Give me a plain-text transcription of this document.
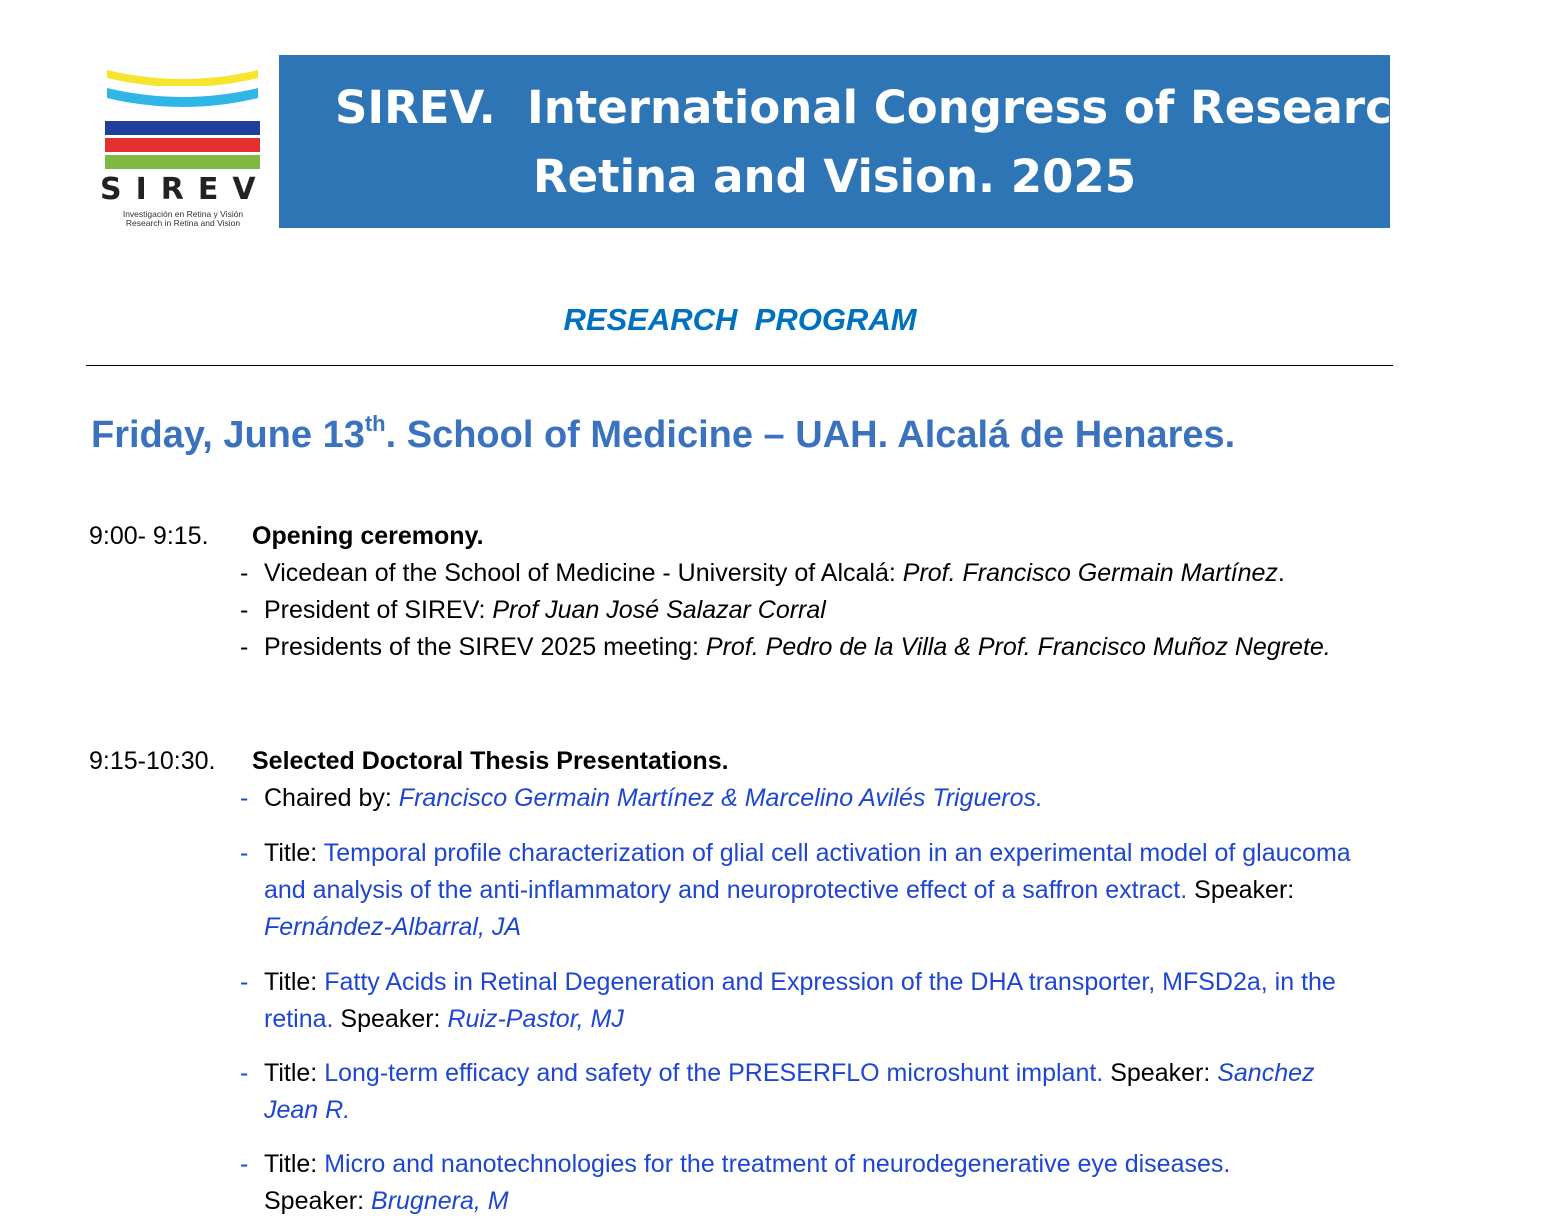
SIREV
Investigación en Retina y Visión
Research in Retina and Vision
SIREV.  International Congress of Research in
Retina and Vision. 2025
RESEARCH  PROGRAM
Friday, June 13th. School of Medicine – UAH. Alcalá de Henares.
9:00- 9:15. Opening ceremony.
- Vicedean of the School of Medicine - University of Alcalá: Prof. Francisco Germain Martínez.
- President of SIREV: Prof Juan José Salazar Corral
- Presidents of the SIREV 2025 meeting: Prof. Pedro de la Villa & Prof. Francisco Muñoz Negrete.
9:15-10:30. Selected Doctoral Thesis Presentations.
- Chaired by: Francisco Germain Martínez & Marcelino Avilés Trigueros.
- Title: Temporal profile characterization of glial cell activation in an experimental model of glaucoma and analysis of the anti-inflammatory and neuroprotective effect of a saffron extract. Speaker: Fernández-Albarral, JA
- Title: Fatty Acids in Retinal Degeneration and Expression of the DHA transporter, MFSD2a, in the retina. Speaker: Ruiz-Pastor, MJ
- Title: Long-term efficacy and safety of the PRESERFLO microshunt implant. Speaker: Sanchez Jean R.
- Title: Micro and nanotechnologies for the treatment of neurodegenerative eye diseases.
Speaker: Brugnera, M
